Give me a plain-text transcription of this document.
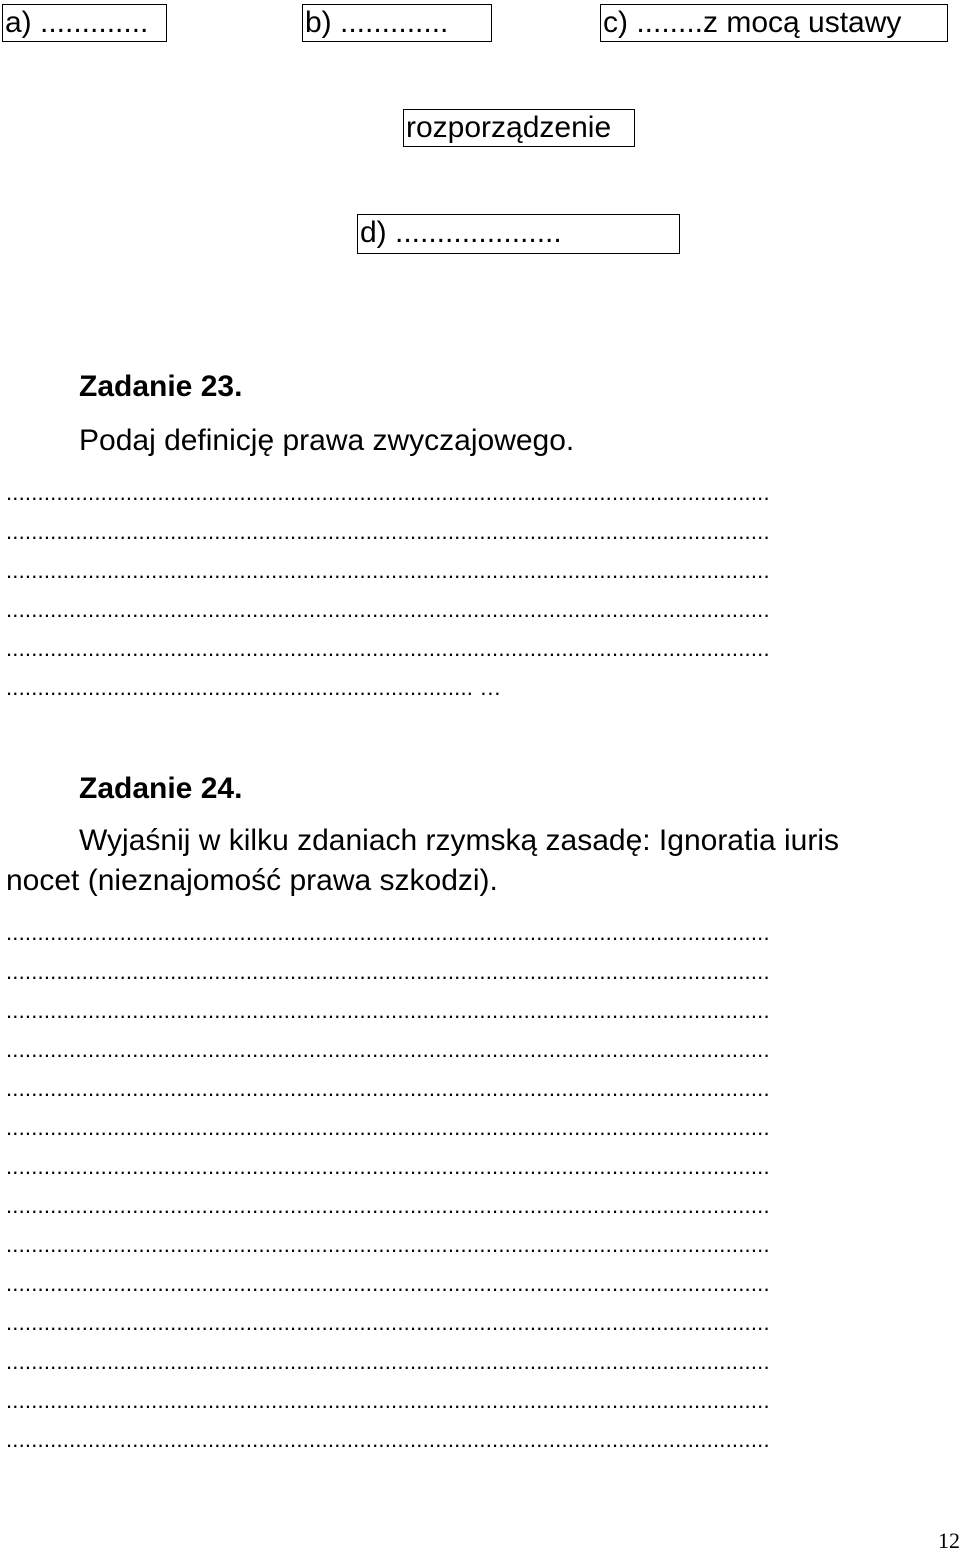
a) .............	b) .............	c) ........z mocą ustawy
rozporządzenie
d) ....................
Zadanie 23.
Podaj definicję prawa zwyczajowego.
.........................................................................................................................
.........................................................................................................................
.........................................................................................................................
.........................................................................................................................
.........................................................................................................................
.......................................................................... …
Zadanie 24.
Wyjaśnij w kilku zdaniach rzymską zasadę: Ignoratia iuris
nocet (nieznajomość prawa szkodzi).
.........................................................................................................................
.........................................................................................................................
.........................................................................................................................
.........................................................................................................................
.........................................................................................................................
.........................................................................................................................
.........................................................................................................................
.........................................................................................................................
.........................................................................................................................
.........................................................................................................................
.........................................................................................................................
.........................................................................................................................
.........................................................................................................................
.........................................................................................................................
12
